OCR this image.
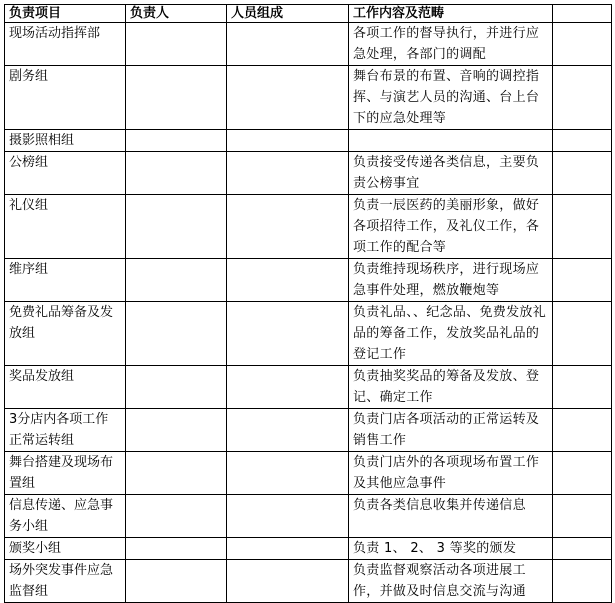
负责项目	负责人	人员组成	工作内容及范畴	
现场活动指挥部			各项工作的督导执行，并进行应急处理，各部门的调配	
剧务组			舞台布景的布置、音响的调控指挥、与演艺人员的沟通、台上台下的应急处理等	
摄影照相组				
公榜组			负责接受传递各类信息，主要负责公榜事宜	
礼仪组			负责一辰医药的美丽形象，做好各项招待工作，及礼仪工作，各项工作的配合等	
维序组			负责维持现场秩序，进行现场应急事件处理，燃放鞭炮等	
免费礼品筹备及发放组			负责礼品、、纪念品、免费发放礼品的筹备工作，发放奖品礼品的登记工作	
奖品发放组			负责抽奖奖品的筹备及发放、登记、确定工作	
3分店内各项工作正常运转组			负责门店各项活动的正常运转及销售工作	
舞台搭建及现场布置组			负责门店外的各项现场布置工作及其他应急事件	
信息传递、应急事务小组			负责各类信息收集并传递信息	
颁奖小组			负责 1、 2、 3 等奖的颁发	
场外突发事件应急监督组			负责监督观察活动各项进展工作，并做及时信息交流与沟通	
